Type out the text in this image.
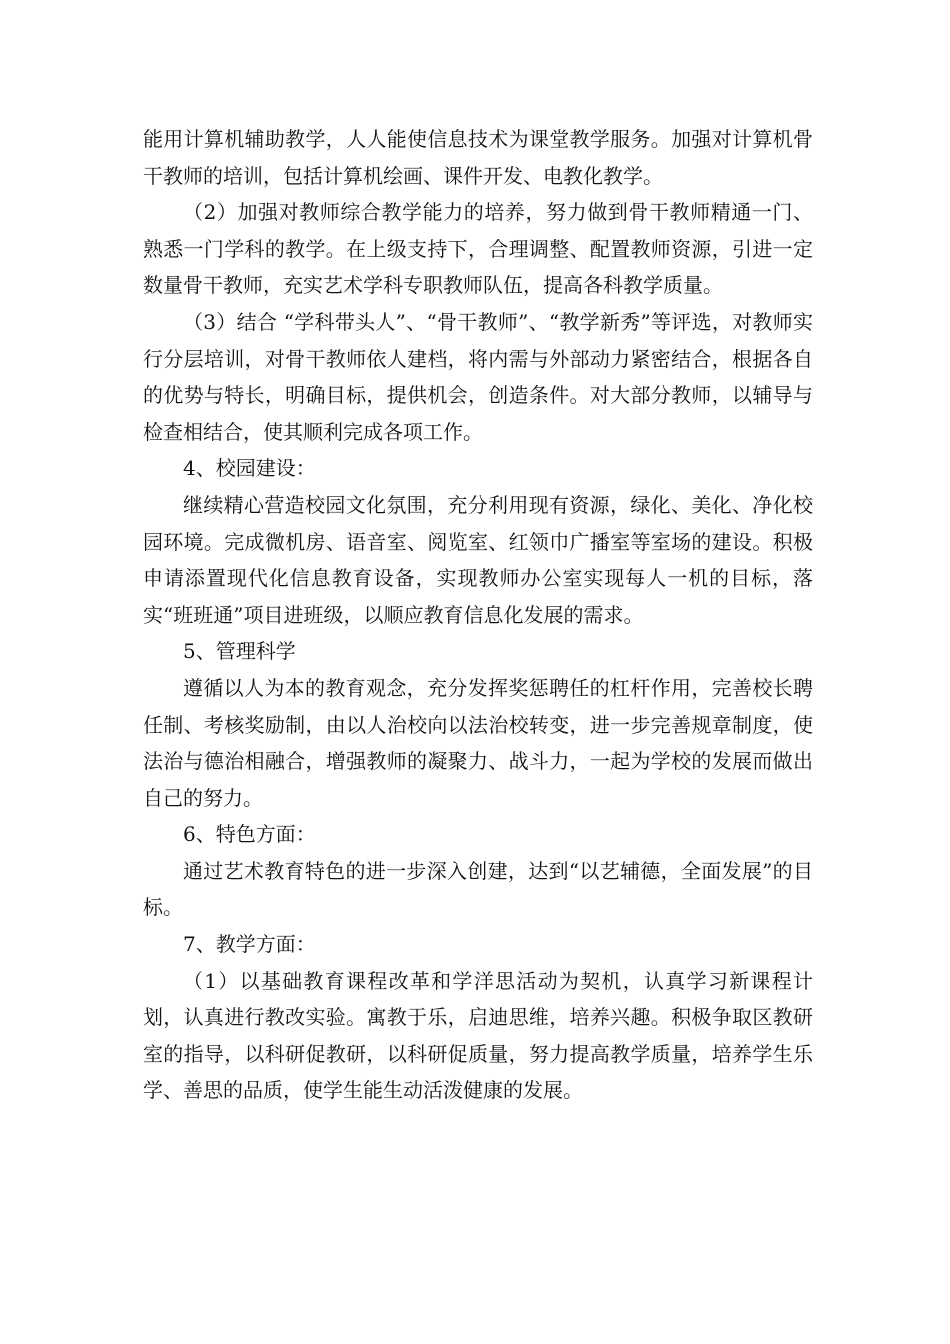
能用计算机辅助教学，人人能使信息技术为课堂教学服务。加强对计算机骨干教师的培训，包括计算机绘画、课件开发、电教化教学。

（2）加强对教师综合教学能力的培养，努力做到骨干教师精通一门、熟悉一门学科的教学。在上级支持下，合理调整、配置教师资源，引进一定数量骨干教师，充实艺术学科专职教师队伍，提高各科教学质量。

（3）结合 “学科带头人”、“骨干教师”、“教学新秀”等评选，对教师实行分层培训，对骨干教师依人建档，将内需与外部动力紧密结合，根据各自的优势与特长，明确目标，提供机会，创造条件。对大部分教师，以辅导与检查相结合，使其顺利完成各项工作。

4、校园建设：

继续精心营造校园文化氛围，充分利用现有资源，绿化、美化、净化校园环境。完成微机房、语音室、阅览室、红领巾广播室等室场的建设。积极申请添置现代化信息教育设备，实现教师办公室实现每人一机的目标，落实“班班通”项目进班级，以顺应教育信息化发展的需求。

5、管理科学

遵循以人为本的教育观念，充分发挥奖惩聘任的杠杆作用，完善校长聘任制、考核奖励制，由以人治校向以法治校转变，进一步完善规章制度，使法治与德治相融合，增强教师的凝聚力、战斗力，一起为学校的发展而做出自己的努力。

6、特色方面：

通过艺术教育特色的进一步深入创建，达到“以艺辅德，全面发展”的目标。

7、教学方面：

（1）以基础教育课程改革和学洋思活动为契机，认真学习新课程计划，认真进行教改实验。寓教于乐，启迪思维，培养兴趣。积极争取区教研室的指导，以科研促教研，以科研促质量，努力提高教学质量，培养学生乐学、善思的品质，使学生能生动活泼健康的发展。
